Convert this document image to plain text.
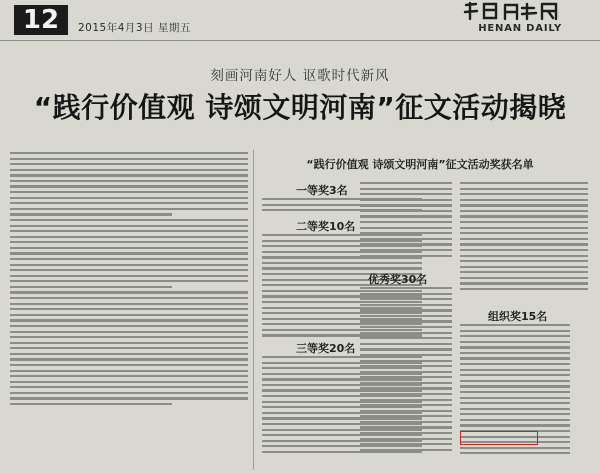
12	2015年4月3日 星期五	HENAN DAILY
刻画河南好人 讴歌时代新风
“践行价值观 诗颂文明河南”征文活动揭晓
“践行价值观 诗颂文明河南”征文活动奖获名单
一等奖3名
二等奖10名
三等奖20名
优秀奖30名
组织奖15名
